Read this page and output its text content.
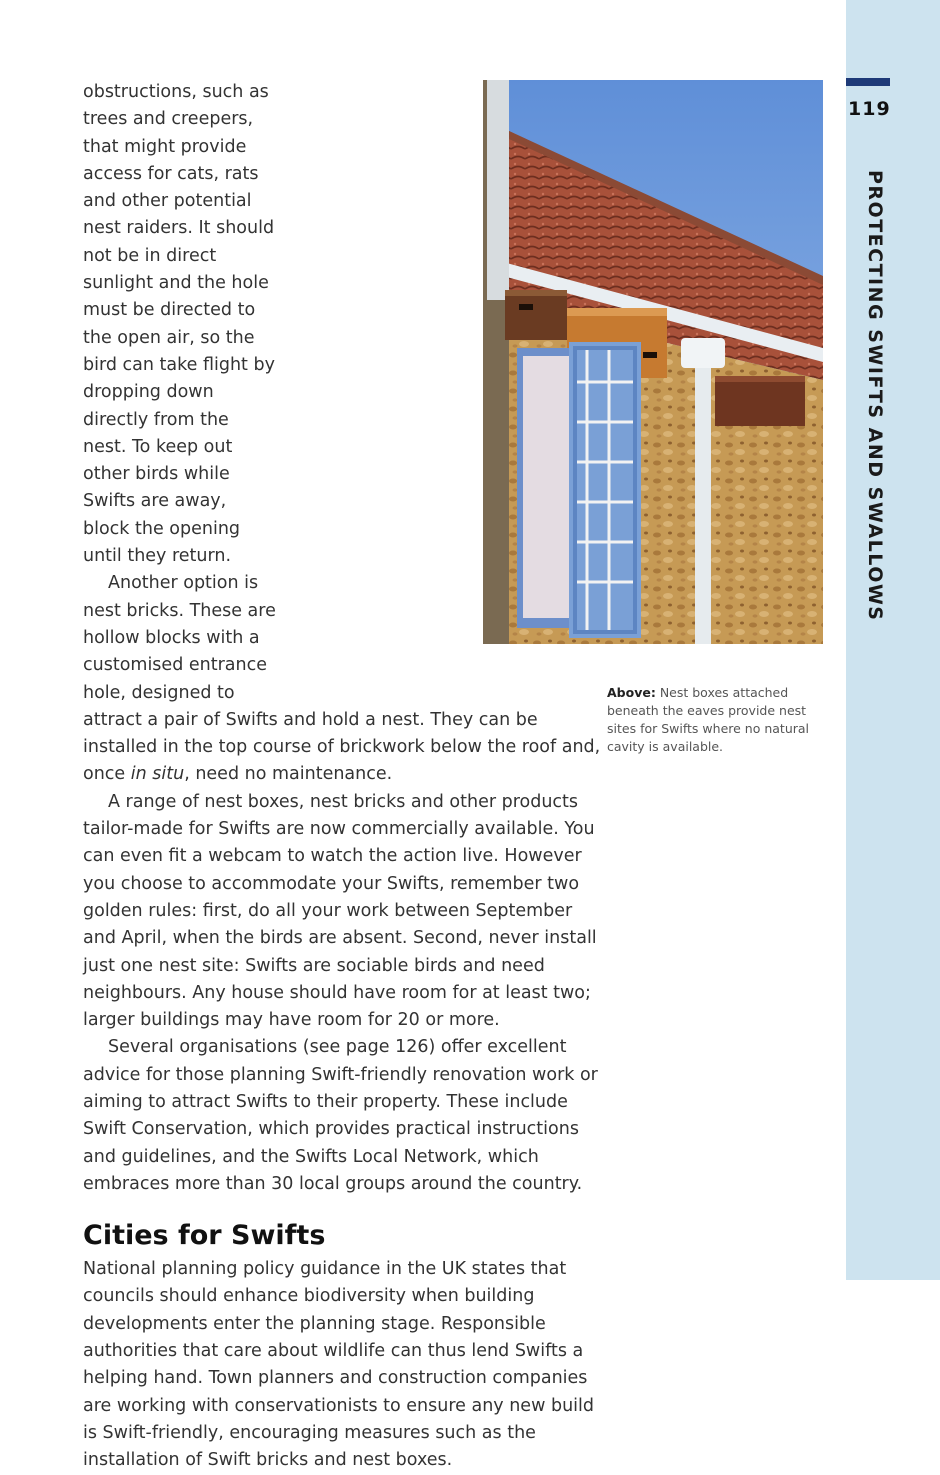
119
PROTECTING SWIFTS AND SWALLOWS

obstructions, such as trees and creepers, that might provide access for cats, rats and other potential nest raiders. It should not be in direct sunlight and the hole must be directed to the open air, so the bird can take flight by dropping down directly from the nest. To keep out other birds while Swifts are away, block the opening until they return.

Another option is nest bricks. These are hollow blocks with a customised entrance hole, designed to attract a pair of Swifts and hold a nest. They can be installed in the top course of brickwork below the roof and, once in situ, need no maintenance.

A range of nest boxes, nest bricks and other products tailor-made for Swifts are now commercially available. You can even fit a webcam to watch the action live. However you choose to accommodate your Swifts, remember two golden rules: first, do all your work between September and April, when the birds are absent. Second, never install just one nest site: Swifts are sociable birds and need neighbours. Any house should have room for at least two; larger buildings may have room for 20 or more.

Several organisations (see page 126) offer excellent advice for those planning Swift-friendly renovation work or aiming to attract Swifts to their property. These include Swift Conservation, which provides practical instructions and guidelines, and the Swifts Local Network, which embraces more than 30 local groups around the country.

Cities for Swifts

National planning policy guidance in the UK states that councils should enhance biodiversity when building developments enter the planning stage. Responsible authorities that care about wildlife can thus lend Swifts a helping hand. Town planners and construction companies are working with conservationists to ensure any new build is Swift-friendly, encouraging measures such as the installation of Swift bricks and nest boxes.

Above: Nest boxes attached beneath the eaves provide nest sites for Swifts where no natural cavity is available.
